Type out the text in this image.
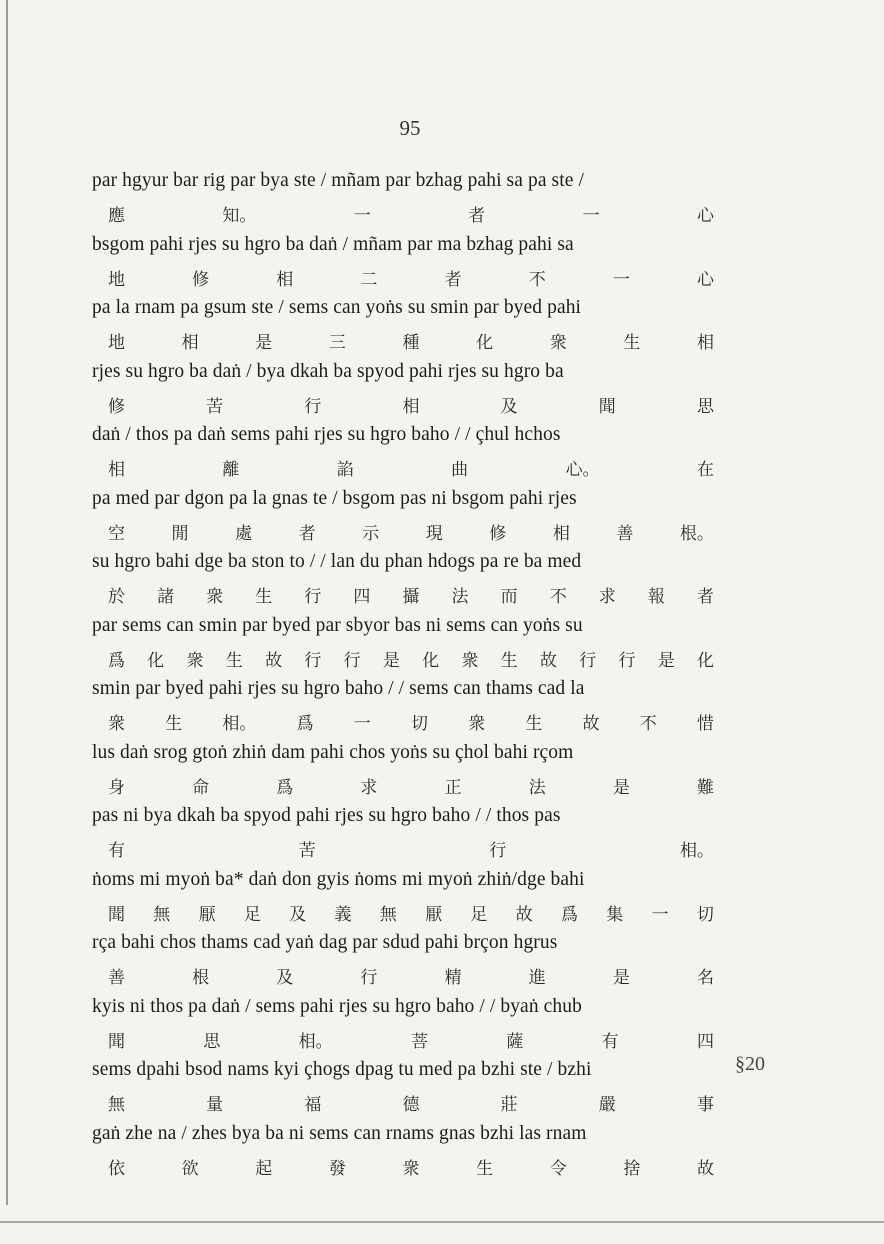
95
§20
par hgyur bar rig par bya ste / mñam par bzhag pahi sa pa ste /
應	知。	一	者	一	心
bsgom pahi rjes su hgro ba daṅ / mñam par ma bzhag pahi sa
地	修	相	二	者	不	一	心
pa la rnam pa gsum ste / sems can yoṅs su smin par byed pahi
地	相	是	三	種	化	衆	生	相
rjes su hgro ba daṅ / bya dkah ba spyod pahi rjes su hgro ba
修	苦	行	相	及	聞	思
daṅ / thos pa daṅ sems pahi rjes su hgro baho / / çhul hchos
相	離	諂	曲	心。	在
pa med par dgon pa la gnas te / bsgom pas ni bsgom pahi rjes
空	閒	處	者	示	現	修	相	善	根。
su hgro bahi dge ba ston to / / lan du phan hdogs pa re ba med
於 諸 衆 生 行 四 攝 法 而 不 求 報 者
par sems can smin par byed par sbyor bas ni sems can yoṅs su
爲 化 衆 生 故 行 行 是 化 衆 生 故 行 行 是 化
smin par byed pahi rjes su hgro baho / / sems can thams cad la
衆 生 相。 爲 一 切 衆 生 故 不 惜
lus daṅ srog gtoṅ zhiṅ dam pahi chos yoṅs su çhol bahi rçom
身	命	爲	求	正	法	是	難
pas ni bya dkah ba spyod pahi rjes su hgro baho / / thos pas
有	苦	行	相。
ṅoms mi myoṅ ba* daṅ don gyis ṅoms mi myoṅ zhiṅ/dge bahi
聞 無 厭 足 及 義 無 厭 足 故 爲 集 一 切
rça bahi chos thams cad yaṅ dag par sdud pahi brçon hgrus
善	根	及	行	精	進	是	名
kyis ni thos pa daṅ / sems pahi rjes su hgro baho / / byaṅ chub
聞	思	相。	菩	薩	有	四
sems dpahi bsod nams kyi çhogs dpag tu med pa bzhi ste / bzhi
無	量	福	德	莊	嚴	事
gaṅ zhe na / zhes bya ba ni sems can rnams gnas bzhi las rnam
依	欲	起	發	衆	生	令	捨	故
